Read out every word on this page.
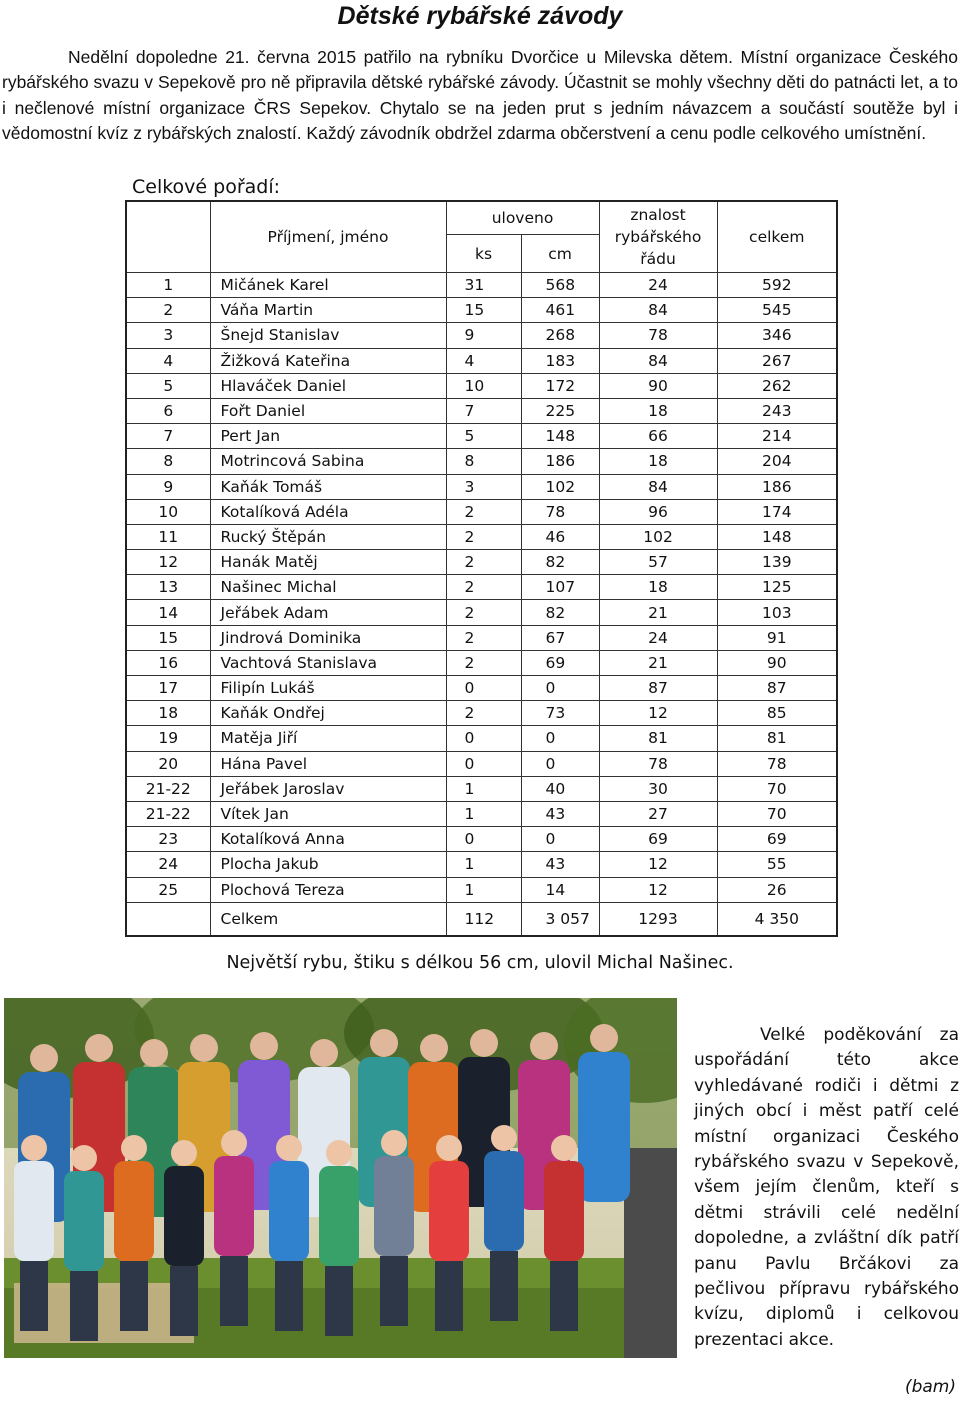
Dětské rybářské závody

Nedělní dopoledne 21. června 2015 patřilo na rybníku Dvorčice u Milevska dětem. Místní organizace Českého rybářského svazu v Sepekově pro ně připravila dětské rybářské závody. Účastnit se mohly všechny děti do patnácti let, a to i nečlenové místní organizace ČRS Sepekov. Chytalo se na jeden prut s jedním návazcem a součástí soutěže byl i vědomostní kvíz z rybářských znalostí. Každý závodník obdržel zdarma občerstvení a cenu podle celkového umístnění.

Celkové pořadí:
	Příjmení, jméno	uloveno		znalost rybářského řádu	celkem
		ks	cm		
1	Mičánek Karel	31	568	24	592
2	Váňa Martin	15	461	84	545
3	Šnejd Stanislav	9	268	78	346
4	Žižková Kateřina	4	183	84	267
5	Hlaváček Daniel	10	172	90	262
6	Fořt Daniel	7	225	18	243
7	Pert Jan	5	148	66	214
8	Motrincová Sabina	8	186	18	204
9	Kaňák Tomáš	3	102	84	186
10	Kotalíková Adéla	2	78	96	174
11	Rucký Štěpán	2	46	102	148
12	Hanák Matěj	2	82	57	139
13	Našinec Michal	2	107	18	125
14	Jeřábek Adam	2	82	21	103
15	Jindrová Dominika	2	67	24	91
16	Vachtová Stanislava	2	69	21	90
17	Filipín Lukáš	0	0	87	87
18	Kaňák Ondřej	2	73	12	85
19	Matěja Jiří	0	0	81	81
20	Hána Pavel	0	0	78	78
21-22	Jeřábek Jaroslav	1	40	30	70
21-22	Vítek Jan	1	43	27	70
23	Kotalíková Anna	0	0	69	69
24	Plocha Jakub	1	43	12	55
25	Plochová Tereza	1	14	12	26
	Celkem	112	3 057	1293	4 350
Největší rybu, štiku s délkou 56 cm, ulovil Michal Našinec.

Velké poděkování za uspořádání této akce vyhledávané rodiči i dětmi z jiných obcí i měst patří celé místní organizaci Českého rybářského svazu v Sepekově, všem jejím členům, kteří s dětmi strávili celé nedělní dopoledne, a zvláštní dík patří panu Pavlu Brčákovi za pečlivou přípravu rybářského kvízu, diplomů i celkovou prezentaci akce.

(bam)
